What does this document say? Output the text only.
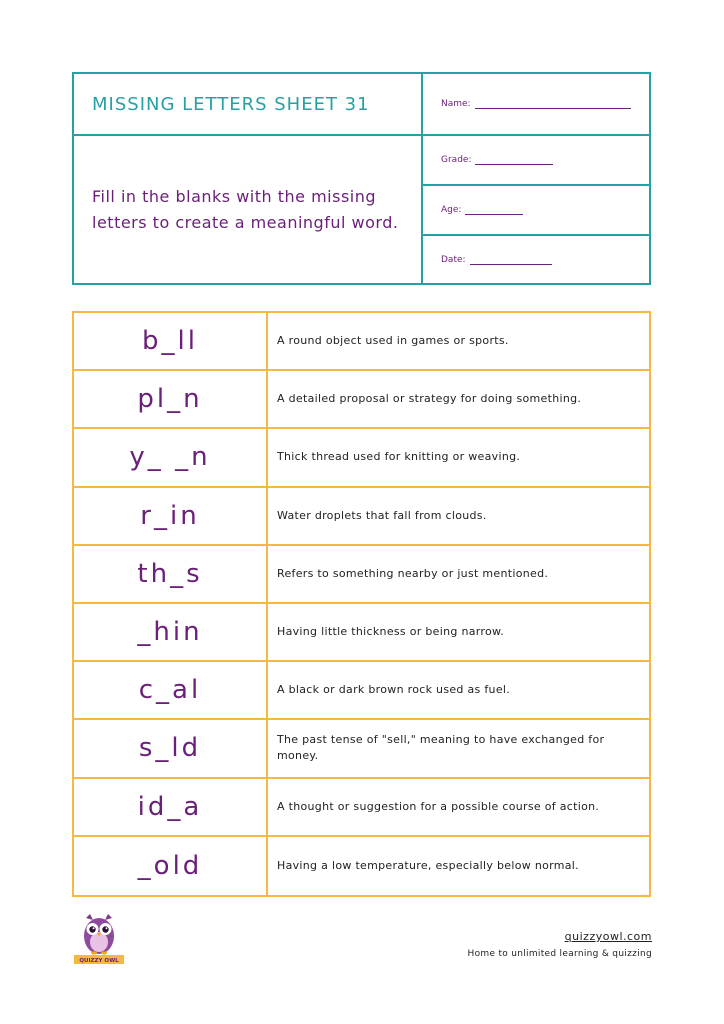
MISSING LETTERS SHEET 31
Fill in the blanks with the missing letters to create a meaningful word.
Name:
Grade:
Age:
Date:
b_ll	A round object used in games or sports.
pl_n	A detailed proposal or strategy for doing something.
y_ _n	Thick thread used for knitting or weaving.
r_in	Water droplets that fall from clouds.
th_s	Refers to something nearby or just mentioned.
_hin	Having little thickness or being narrow.
c_al	A black or dark brown rock used as fuel.
s_ld	The past tense of "sell," meaning to have exchanged for money.
id_a	A thought or suggestion for a possible course of action.
_old	Having a low temperature, especially below normal.
QUIZZY OWL
quizzyowl.com
Home to unlimited learning & quizzing
